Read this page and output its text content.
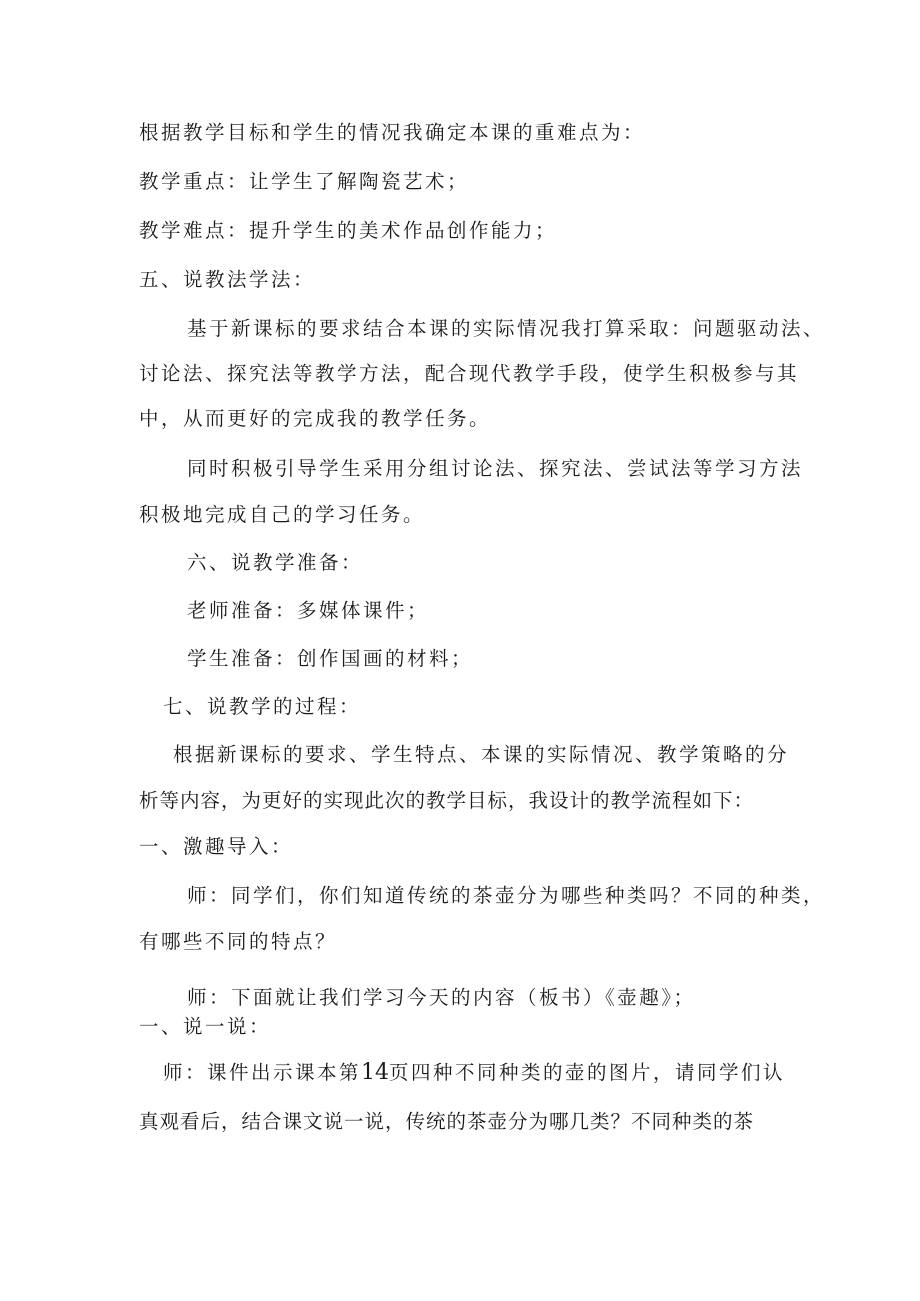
根据教学目标和学生的情况我确定本课的重难点为：

教学重点：让学生了解陶瓷艺术；

教学难点：提升学生的美术作品创作能力；

五、说教法学法：

基于新课标的要求结合本课的实际情况我打算采取：问题驱动法、

讨论法、探究法等教学方法，配合现代教学手段，使学生积极参与其

中，从而更好的完成我的教学任务。

同时积极引导学生采用分组讨论法、探究法、尝试法等学习方法

积极地完成自己的学习任务。

六、说教学准备：

老师准备：多媒体课件；

学生准备：创作国画的材料；

七、说教学的过程：

根据新课标的要求、学生特点、本课的实际情况、教学策略的分

析等内容，为更好的实现此次的教学目标，我设计的教学流程如下：

一、激趣导入：

师：同学们，你们知道传统的茶壶分为哪些种类吗？不同的种类，

有哪些不同的特点？

师：下面就让我们学习今天的内容（板书）《壶趣》；

一、说一说：

师：课件出示课本第14页四种不同种类的壶的图片，请同学们认

真观看后，结合课文说一说，传统的茶壶分为哪几类？不同种类的茶
